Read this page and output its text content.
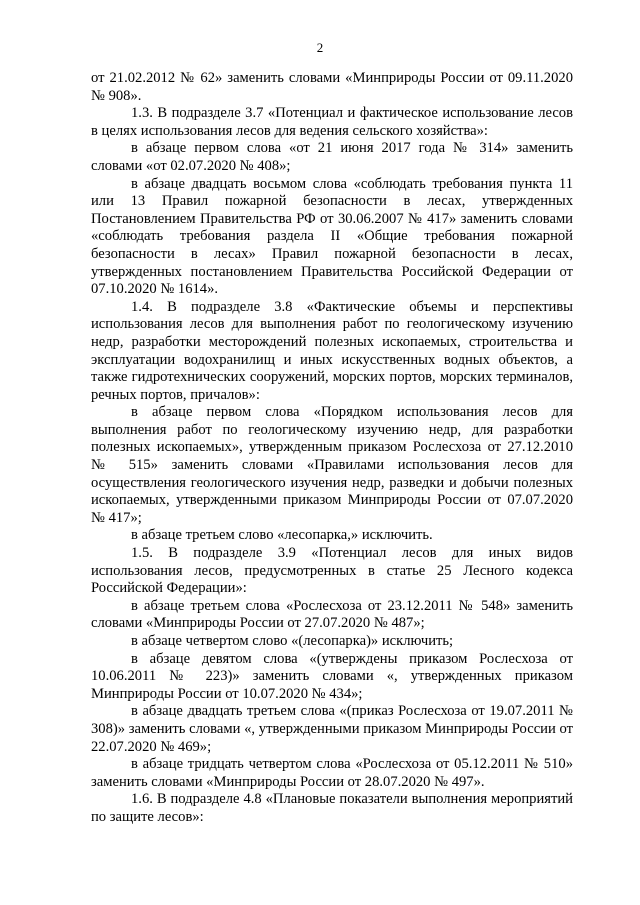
2

от 21.02.2012 № 62» заменить словами «Минприроды России от 09.11.2020 № 908».

1.3. В подразделе 3.7 «Потенциал и фактическое использование лесов в целях использования лесов для ведения сельского хозяйства»:

в абзаце первом слова «от 21 июня 2017 года № 314» заменить словами «от 02.07.2020 № 408»;

в абзаце двадцать восьмом слова «соблюдать требования пункта 11 или 13 Правил пожарной безопасности в лесах, утвержденных Постановлением Правительства РФ от 30.06.2007 № 417» заменить словами «соблюдать требования раздела II «Общие требования пожарной безопасности в лесах» Правил пожарной безопасности в лесах, утвержденных постановлением Правительства Российской Федерации от 07.10.2020 № 1614».

1.4. В подразделе 3.8 «Фактические объемы и перспективы использования лесов для выполнения работ по геологическому изучению недр, разработки месторождений полезных ископаемых, строительства и эксплуатации водохранилищ и иных искусственных водных объектов, а также гидротехнических сооружений, морских портов, морских терминалов, речных портов, причалов»:

в абзаце первом слова «Порядком использования лесов для выполнения работ по геологическому изучению недр, для разработки полезных ископаемых», утвержденным приказом Рослесхоза от 27.12.2010 № 515» заменить словами «Правилами использования лесов для осуществления геологического изучения недр, разведки и добычи полезных ископаемых, утвержденными приказом Минприроды России от 07.07.2020 № 417»;

в абзаце третьем слово «лесопарка,» исключить.

1.5. В подразделе 3.9 «Потенциал лесов для иных видов использования лесов, предусмотренных в статье 25 Лесного кодекса Российской Федерации»:

в абзаце третьем слова «Рослесхоза от 23.12.2011 № 548» заменить словами «Минприроды России от 27.07.2020 № 487»;

в абзаце четвертом слово «(лесопарка)» исключить;

в абзаце девятом слова «(утверждены приказом Рослесхоза от 10.06.2011 № 223)» заменить словами «, утвержденных приказом Минприроды России от 10.07.2020 № 434»;

в абзаце двадцать третьем слова «(приказ Рослесхоза от 19.07.2011 № 308)» заменить словами «, утвержденными приказом Минприроды России от 22.07.2020 № 469»;

в абзаце тридцать четвертом слова «Рослесхоза от 05.12.2011 № 510» заменить словами «Минприроды России от 28.07.2020 № 497».

1.6. В подразделе 4.8 «Плановые показатели выполнения мероприятий по защите лесов»:
